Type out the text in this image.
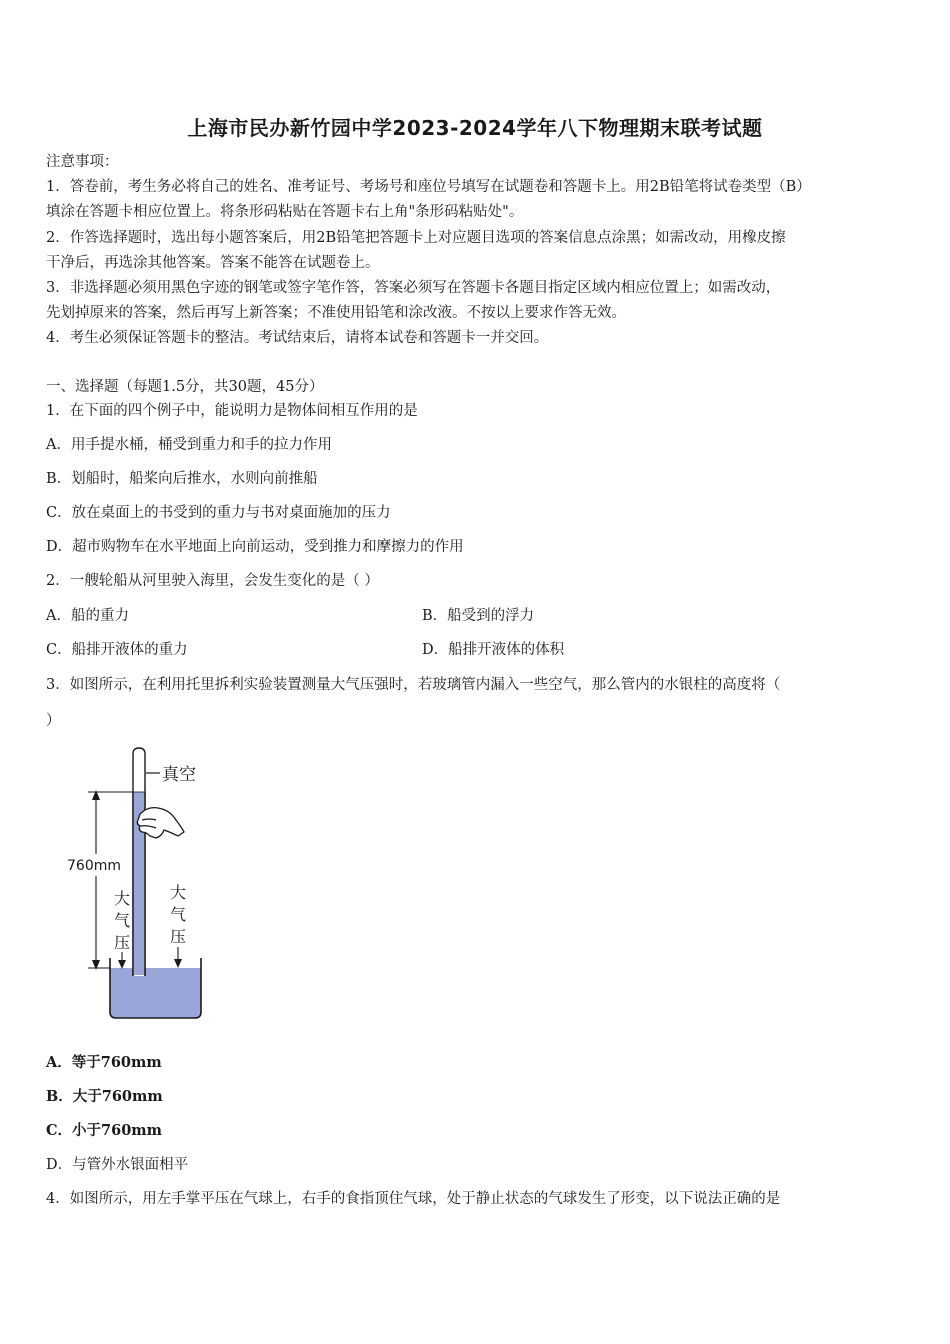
上海市民办新竹园中学2023-2024学年八下物理期末联考试题
注意事项：
1．答卷前，考生务必将自己的姓名、准考证号、考场号和座位号填写在试题卷和答题卡上。用2B铅笔将试卷类型（B）
填涂在答题卡相应位置上。将条形码粘贴在答题卡右上角"条形码粘贴处"。
2．作答选择题时，选出每小题答案后，用2B铅笔把答题卡上对应题目选项的答案信息点涂黑；如需改动，用橡皮擦
干净后，再选涂其他答案。答案不能答在试题卷上。
3．非选择题必须用黑色字迹的钢笔或签字笔作答，答案必须写在答题卡各题目指定区域内相应位置上；如需改动，
先划掉原来的答案，然后再写上新答案；不准使用铅笔和涂改液。不按以上要求作答无效。
4．考生必须保证答题卡的整洁。考试结束后，请将本试卷和答题卡一并交回。
一、选择题（每题1.5分，共30题，45分）
1．在下面的四个例子中，能说明力是物体间相互作用的是
A．用手提水桶，桶受到重力和手的拉力作用
B．划船时，船桨向后推水，水则向前推船
C．放在桌面上的书受到的重力与书对桌面施加的压力
D．超市购物车在水平地面上向前运动，受到推力和摩擦力的作用
2．一艘轮船从河里驶入海里，会发生变化的是（ ）
A．船的重力	B．船受到的浮力
C．船排开液体的重力	D．船排开液体的体积
3．如图所示，在利用托里拆利实验装置测量大气压强时，若玻璃管内漏入一些空气，那么管内的水银柱的高度将（
）
真空
760mm
大
气
压
大
气
压
A．等于760mm
B．大于760mm
C．小于760mm
D．与管外水银面相平
4．如图所示，用左手掌平压在气球上，右手的食指顶住气球，处于静止状态的气球发生了形变，以下说法正确的是
